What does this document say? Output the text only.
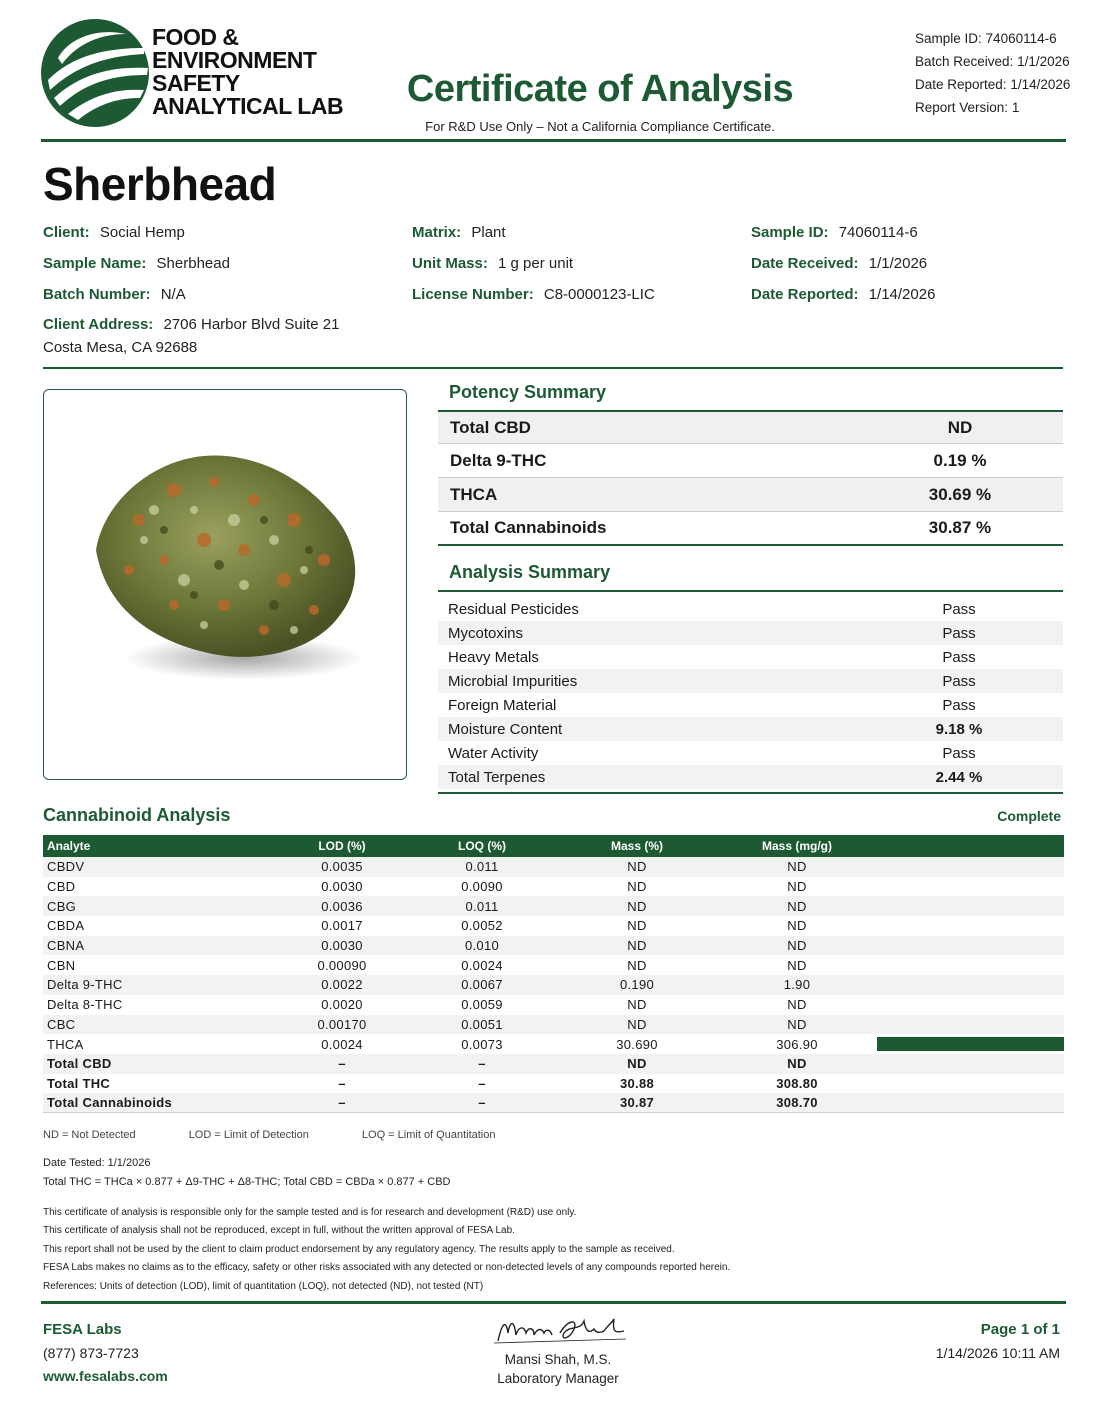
FOOD &
ENVIRONMENT
SAFETY
ANALYTICAL LAB	Certificate of Analysis
For R&D Use Only – Not a California Compliance Certificate.
Sample ID: 74060114-6
Batch Received: 1/1/2026
Date Reported: 1/14/2026
Report Version: 1
Sherbhead
Client: Social Hemp
Sample Name: Sherbhead
Batch Number: N/A
Client Address: 2706 Harbor Blvd Suite 21
Costa Mesa, CA 92688
Matrix: Plant
Unit Mass: 1 g per unit
License Number: C8-0000123-LIC
Sample ID: 74060114-6
Date Received: 1/1/2026
Date Reported: 1/14/2026
Potency Summary
Total CBD	ND
Delta 9-THC	0.19 %
THCA	30.69 %
Total Cannabinoids	30.87 %
Analysis Summary
Residual Pesticides	Pass
Mycotoxins	Pass
Heavy Metals	Pass
Microbial Impurities	Pass
Foreign Material	Pass
Moisture Content	9.18 %
Water Activity	Pass
Total Terpenes	2.44 %
Cannabinoid Analysis	Complete
Analyte	LOD (%)	LOQ (%)	Mass (%)	Mass (mg/g)
CBDV	0.0035	0.011	ND	ND
CBD	0.0030	0.0090	ND	ND
CBG	0.0036	0.011	ND	ND
CBDA	0.0017	0.0052	ND	ND
CBNA	0.0030	0.010	ND	ND
CBN	0.00090	0.0024	ND	ND
Delta 9-THC	0.0022	0.0067	0.190	1.90
Delta 8-THC	0.0020	0.0059	ND	ND
CBC	0.00170	0.0051	ND	ND
THCA	0.0024	0.0073	30.690	306.90
Total CBD	–	–	ND	ND
Total THC	–	–	30.88	308.80
Total Cannabinoids	–	–	30.87	308.70
ND = Not Detected	LOD = Limit of Detection	LOQ = Limit of Quantitation
Date Tested: 1/1/2026
Total THC = THCa × 0.877 + Δ9-THC + Δ8-THC; Total CBD = CBDa × 0.877 + CBD
This certificate of analysis is responsible only for the sample tested and is for research and development (R&D) use only.
This certificate of analysis shall not be reproduced, except in full, without the written approval of FESA Lab.
This report shall not be used by the client to claim product endorsement by any regulatory agency. The results apply to the sample as received.
FESA Labs makes no claims as to the efficacy, safety or other risks associated with any detected or non-detected levels of any compounds reported herein.
References: Units of detection (LOD), limit of quantitation (LOQ), not detected (ND), not tested (NT)
FESA Labs
(877) 873-7723
www.fesalabs.com
Mansi Shah, M.S.
Laboratory Manager
Page 1 of 1
1/14/2026 10:11 AM
